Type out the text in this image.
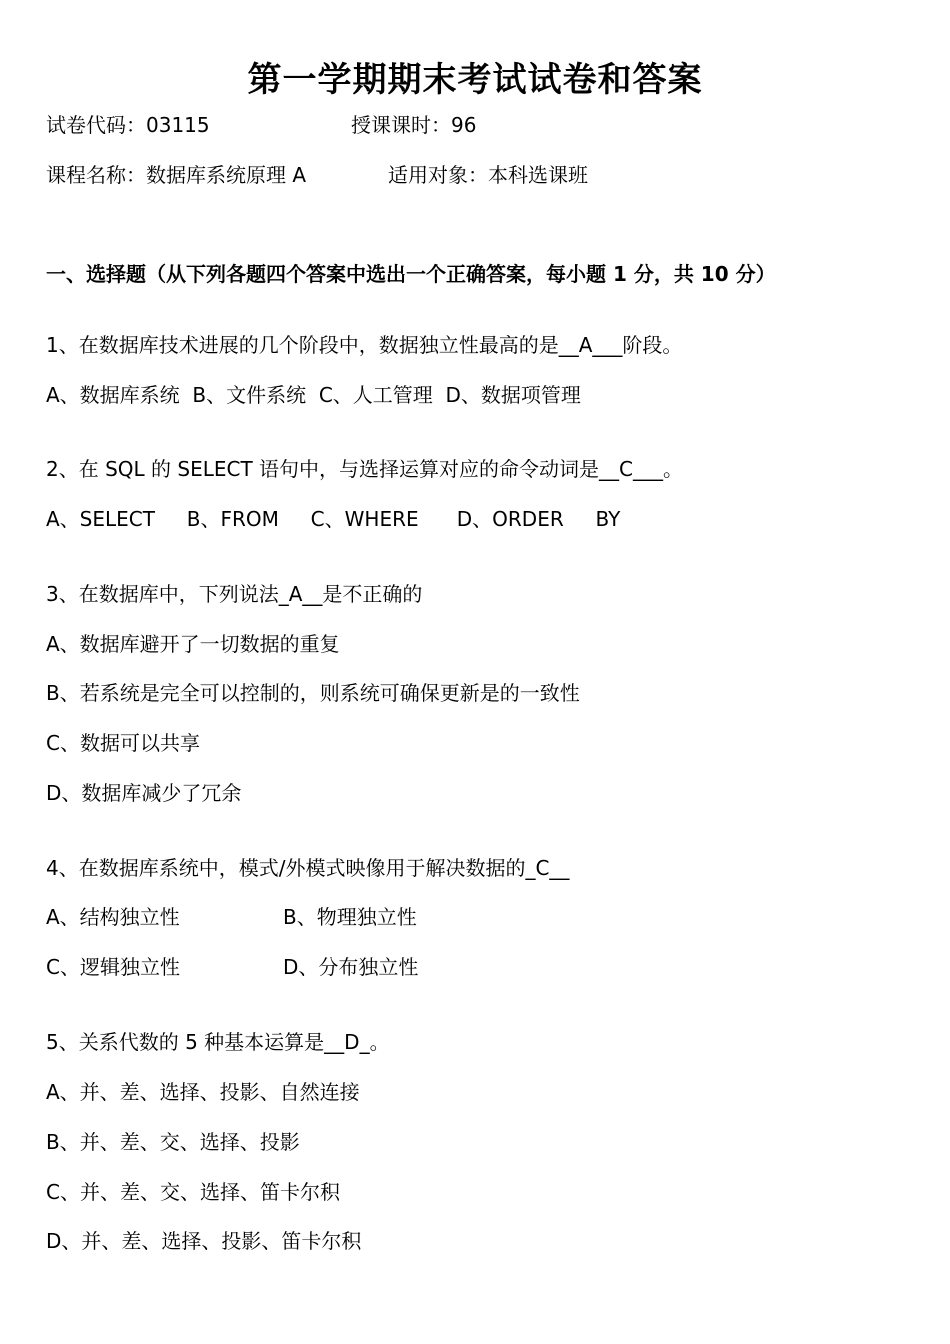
第一学期期末考试试卷和答案
试卷代码：03115	授课课时：96
课程名称：数据库系统原理 A	适用对象：本科选课班
一、选择题（从下列各题四个答案中选出一个正确答案，每小题 1 分，共 10 分）
1、在数据库技术进展的几个阶段中，数据独立性最高的是__A___阶段。
A、数据库系统  B、文件系统  C、人工管理  D、数据项管理
2、在 SQL 的 SELECT 语句中，与选择运算对应的命令动词是__C___。
A、SELECT     B、FROM     C、WHERE      D、ORDER     BY
3、在数据库中，下列说法_A__是不正确的
A、数据库避开了一切数据的重复
B、若系统是完全可以控制的，则系统可确保更新是的一致性
C、数据可以共享
D、数据库减少了冗余
4、在数据库系统中，模式/外模式映像用于解决数据的_C__
A、结构独立性	B、物理独立性
C、逻辑独立性	D、分布独立性
5、关系代数的 5 种基本运算是__D_。
A、并、差、选择、投影、自然连接
B、并、差、交、选择、投影
C、并、差、交、选择、笛卡尔积
D、并、差、选择、投影、笛卡尔积
